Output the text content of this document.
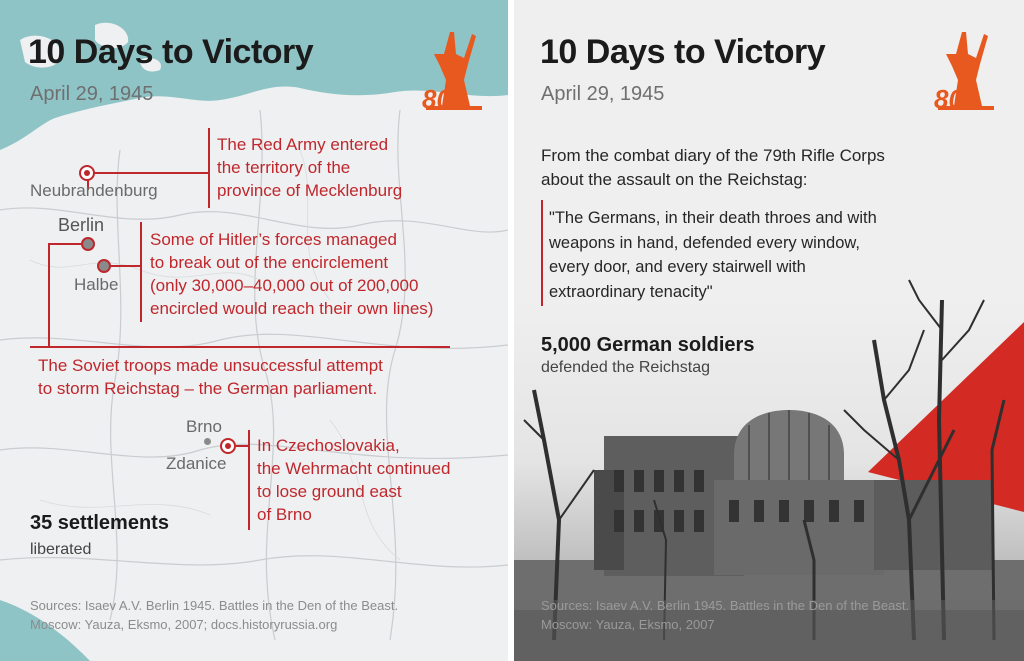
10 Days to Victory
April 29, 1945	80
Neubrandenburg
The Red Army entered
the territory of the
province of Mecklenburg
Berlin
Halbe
Some of Hitler’s forces managed
to break out of the encirclement
(only 30,000–40,000 out of 200,000
encircled would reach their own lines)
The Soviet troops made unsuccessful attempt
to storm Reichstag – the German parliament.
Brno
Zdanice
In Czechoslovakia,
the Wehrmacht continued
to lose ground east
of Brno
35 settlements
liberated
Sources: Isaev A.V. Berlin 1945. Battles in the Den of the Beast.
Moscow: Yauza, Eksmo, 2007; docs.historyrussia.org
10 Days to Victory
April 29, 1945	80
From the combat diary of the 79th Rifle Corps
about the assault on the Reichstag:
"The Germans, in their death throes and with
weapons in hand, defended every window,
every door, and every stairwell with
extraordinary tenacity"
5,000 German soldiers
defended the Reichstag
Sources: Isaev A.V. Berlin 1945. Battles in the Den of the Beast.
Moscow: Yauza, Eksmo, 2007
